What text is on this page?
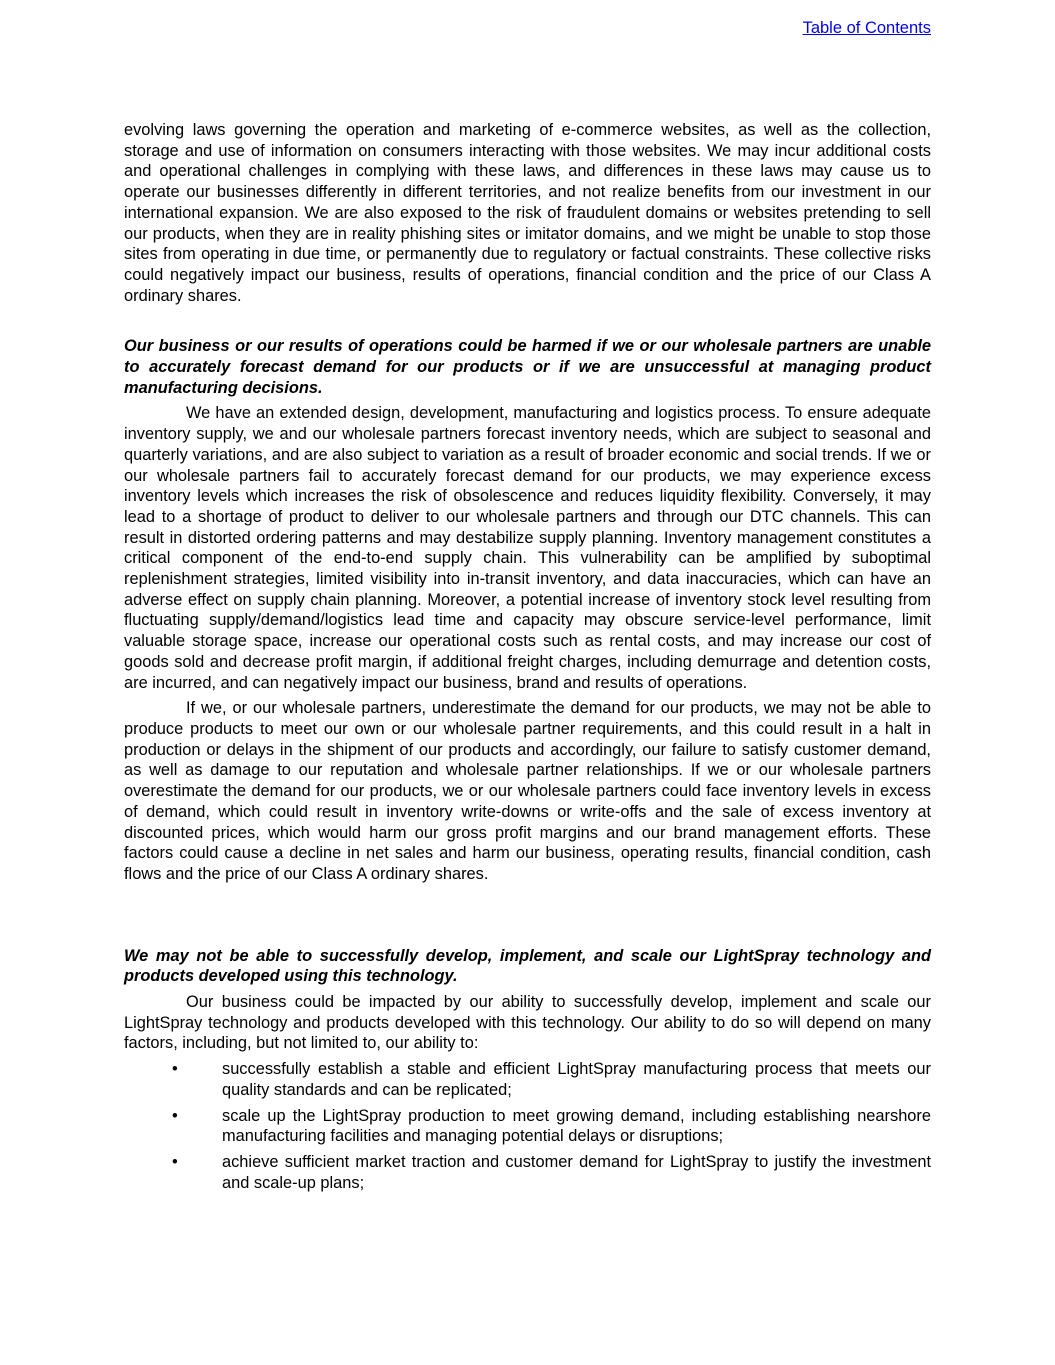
Table of Contents

evolving laws governing the operation and marketing of e-commerce websites, as well as the collection, storage and use of information on consumers interacting with those websites. We may incur additional costs and operational challenges in complying with these laws, and differences in these laws may cause us to operate our businesses differently in different territories, and not realize benefits from our investment in our international expansion. We are also exposed to the risk of fraudulent domains or websites pretending to sell our products, when they are in reality phishing sites or imitator domains, and we might be unable to stop those sites from operating in due time, or permanently due to regulatory or factual constraints. These collective risks could negatively impact our business, results of operations, financial condition and the price of our Class A ordinary shares.

Our business or our results of operations could be harmed if we or our wholesale partners are unable to accurately forecast demand for our products or if we are unsuccessful at managing product manufacturing decisions.

We have an extended design, development, manufacturing and logistics process. To ensure adequate inventory supply, we and our wholesale partners forecast inventory needs, which are subject to seasonal and quarterly variations, and are also subject to variation as a result of broader economic and social trends. If we or our wholesale partners fail to accurately forecast demand for our products, we may experience excess inventory levels which increases the risk of obsolescence and reduces liquidity flexibility. Conversely, it may lead to a shortage of product to deliver to our wholesale partners and through our DTC channels. This can result in distorted ordering patterns and may destabilize supply planning. Inventory management constitutes a critical component of the end-to-end supply chain. This vulnerability can be amplified by suboptimal replenishment strategies, limited visibility into in-transit inventory, and data inaccuracies, which can have an adverse effect on supply chain planning. Moreover, a potential increase of inventory stock level resulting from fluctuating supply/demand/logistics lead time and capacity may obscure service-level performance, limit valuable storage space, increase our operational costs such as rental costs, and may increase our cost of goods sold and decrease profit margin, if additional freight charges, including demurrage and detention costs, are incurred, and can negatively impact our business, brand and results of operations.

If we, or our wholesale partners, underestimate the demand for our products, we may not be able to produce products to meet our own or our wholesale partner requirements, and this could result in a halt in production or delays in the shipment of our products and accordingly, our failure to satisfy customer demand, as well as damage to our reputation and wholesale partner relationships. If we or our wholesale partners overestimate the demand for our products, we or our wholesale partners could face inventory levels in excess of demand, which could result in inventory write-downs or write-offs and the sale of excess inventory at discounted prices, which would harm our gross profit margins and our brand management efforts. These factors could cause a decline in net sales and harm our business, operating results, financial condition, cash flows and the price of our Class A ordinary shares.

We may not be able to successfully develop, implement, and scale our LightSpray technology and products developed using this technology.

Our business could be impacted by our ability to successfully develop, implement and scale our LightSpray technology and products developed with this technology. Our ability to do so will depend on many factors, including, but not limited to, our ability to:

•	successfully establish a stable and efficient LightSpray manufacturing process that meets our quality standards and can be replicated;
•	scale up the LightSpray production to meet growing demand, including establishing nearshore manufacturing facilities and managing potential delays or disruptions;
•	achieve sufficient market traction and customer demand for LightSpray to justify the investment and scale-up plans;
